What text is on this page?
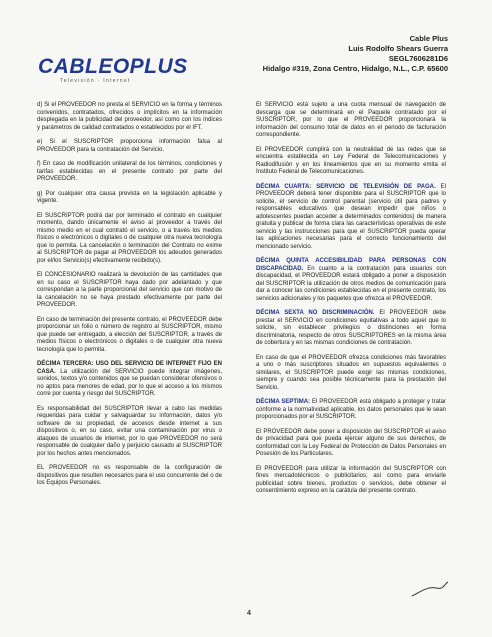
CABLEOPLUS
Televisión · Internet
Cable Plus
Luis Rodolfo Shears Guerra
SEGL7606281D6
Hidalgo #319, Zona Centro, Hidalgo, N.L., C.P. 65600

d) Si el PROVEEDOR no presta el SERVICIO en la forma y términos convenidos, contratados, ofrecidos o implícitos en la información desplegada en la publicidad del proveedor, así como con los índices y parámetros de calidad contratados o establecidos por el IFT.

e) Si el SUSCRIPTOR proporciona información falsa al PROVEEDOR para la contratación del Servicio.

f) En caso de modificación unilateral de los términos, condiciones y tarifas establecidas en el presente contrato por parte del PROVEEDOR.

g) Por cualquier otra causa prevista en la legislación aplicable y vigente.

El SUSCRIPTOR podrá dar por terminado el contrato en cualquier momento, dando únicamente el aviso al proveedor a través del mismo medio en el cual contrató el servicio, o a través los medios físicos o electrónicos o digitales o de cualquier otra nueva tecnología que lo permita. La cancelación o terminación del Contrato no exime al SUSCRIPTOR de pagar al PROVEEDOR los adeudos generados por el/los Servicio(s) efectivamente recibido(s).

El CONCESIONARIO realizará la devolución de las cantidades que en su caso el SUSCRIPTOR haya dado por adelantado y que correspondan a la parte proporcional del servicio que con motivo de la cancelación no se haya prestado efectivamente por parte del PROVEEDOR.

En caso de terminación del presente contrato, el PROVEEDOR debe proporcionar un folio o número de registro al SUSCRIPTOR, mismo que puede ser entregado, a elección del SUSCRIPTOR, a través de medios físicos o electrónicos o digitales o de cualquier otra nueva tecnología que lo permita.

DÉCIMA TERCERA: USO DEL SERVICIO DE INTERNET FIJO EN CASA. La utilización del SERVICIO puede integrar imágenes, sonidos, textos y/o contenidos que se puedan considerar ofensivos o no aptos para menores de edad, por lo que el acceso a los mismos corre por cuenta y riesgo del SUSCRIPTOR.

Es responsabilidad del SUSCRIPTOR llevar a cabo las medidas requeridas para cuidar y salvaguardar su información, datos y/o software de su propiedad, de accesos desde internet a sus dispositivos o, en su caso, evitar una contaminación por virus o ataques de usuarios de internet, por lo que PROVEEDOR no será responsable de cualquier daño y perjuicio causado al SUSCRIPTOR por los hechos antes mencionados.

EL PROVEEDOR no es responsable de la configuración de dispositivos que resulten necesarios para el uso concurrente del o de los Equipos Personales.

El SERVICIO está sujeto a una cuota mensual de navegación de descarga que se determinará en el Paquete contratado por el SUSCRIPTOR, por lo que el PROVEEDOR proporcionará la información del consumo total de datos en el periodo de facturación correspondiente.

El PROVEEDOR cumplirá con la neutralidad de las redes que se encuentra establecida en Ley Federal de Telecomunicaciones y Radiodifusión y en los lineamientos que en su momento emita el Instituto Federal de Telecomunicaciones.

DÉCIMA CUARTA: SERVICIO DE TELEVISIÓN DE PAGA. El PROVEEDOR deberá tener disponible para el SUSCRIPTOR que lo solicite, el servicio de control parental (servicio útil para padres y responsables educativos que desean impedir que niños o adolescentes puedan acceder a determinados contenidos) de manera gratuita y publicar de forma clara las características operativas de este servicio y las instrucciones para que el SUSCRIPTOR pueda operar las aplicaciones necesarias para el correcto funcionamiento del mencionado servicio.

DÉCIMA QUINTA ACCESIBILIDAD PARA PERSONAS CON DISCAPACIDAD. En cuanto a la contratación para usuarios con discapacidad, el PROVEEDOR estará obligado a poner a disposición del SUSCRIPTOR la utilización de otros medios de comunicación para dar a conocer las condiciones establecidas en el presente contrato, los servicios adicionales y los paquetes que ofrezca el PROVEEDOR.

DÉCIMA SEXTA NO DISCRIMINACIÓN. El PROVEEDOR debe prestar el SERVICIO en condiciones equitativas a todo aquel que lo solicite, sin establecer privilegios o distinciones en forma discriminatoria, respecto de otros SUSCRIPTORES en la misma área de cobertura y en las mismas condiciones de contratación.

En caso de que el PROVEEDOR ofrezca condiciones más favorables a uno o más suscriptores situados en supuestos equivalentes o similares, el SUSCRIPTOR puede exigir las mismas condiciones, siempre y cuando sea posible técnicamente para la prestación del Servicio.

DÉCIMA SEPTIMA: El PROVEEDOR está obligado a proteger y tratar conforme a la normatividad aplicable, los datos personales que le sean proporcionados por el SUSCRIPTOR.

El PROVEEDOR debe poner a disposición del SUSCRIPTOR el aviso de privacidad para que pueda ejercer alguno de sus derechos, de conformidad con la Ley Federal de Protección de Datos Personales en Posesión de los Particulares.

El PROVEEDOR para utilizar la información del SUSCRIPTOR con fines mercadotécnicos o publicitarios; así como para enviarle publicidad sobre bienes, productos o servicios, debe obtener el consentimiento expreso en la carátula del presente contrato.

4
